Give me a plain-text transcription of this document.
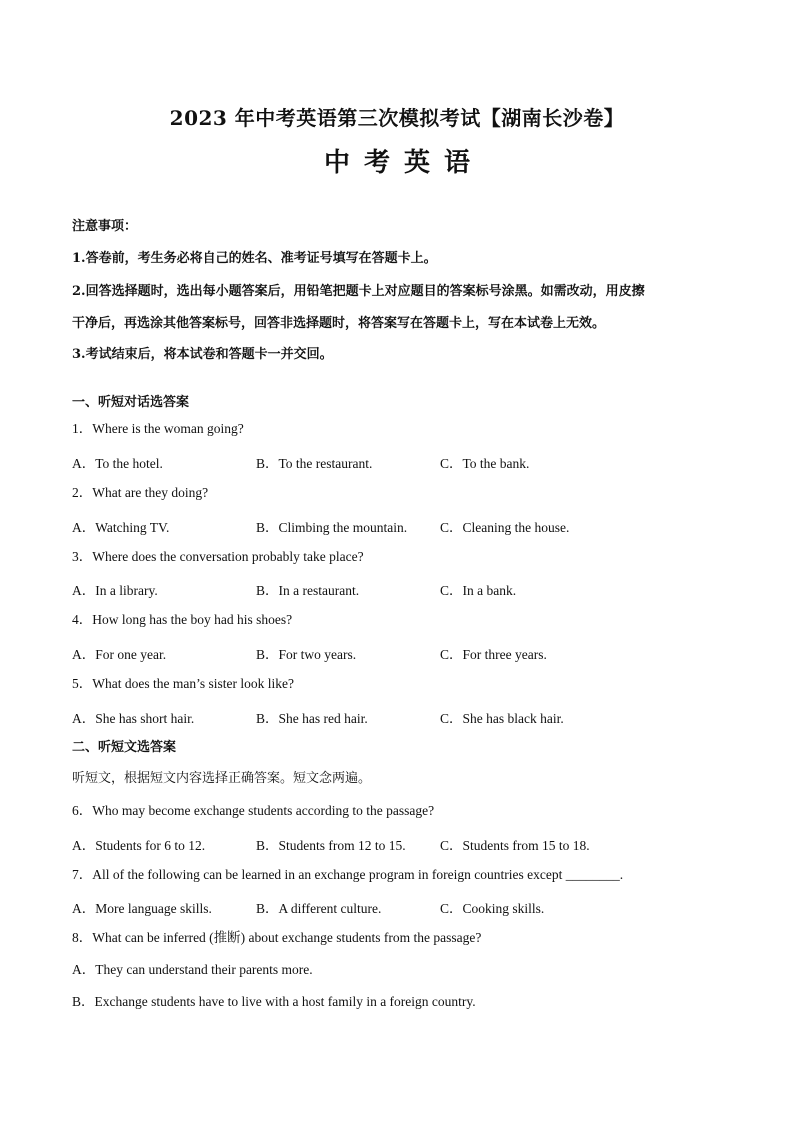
2023 年中考英语第三次模拟考试【湖南长沙卷】
中考英语
注意事项：
1.答卷前，考生务必将自己的姓名、准考证号填写在答题卡上。
2.回答选择题时，选出每小题答案后，用铅笔把题卡上对应题目的答案标号涂黑。如需改动，用皮擦
干净后，再选涂其他答案标号，回答非选择题时，将答案写在答题卡上，写在本试卷上无效。
3.考试结束后，将本试卷和答题卡一并交回。
一、听短对话选答案
1．Where is the woman going?
A．To the hotel.	B．To the restaurant.	C．To the bank.
2．What are they doing?
A．Watching TV.	B．Climbing the mountain. C．Cleaning the house.
3．Where does the conversation probably take place?
A．In a library.	B．In a restaurant.	C．In a bank.
4．How long has the boy had his shoes?
A．For one year.	B．For two years.	C．For three years.
5．What does the man’s sister look like?
A．She has short hair.	B．She has red hair.	C．She has black hair.
二、听短文选答案
听短文，根据短文内容选择正确答案。短文念两遍。
6．Who may become exchange students according to the passage?
A．Students for 6 to 12.	B．Students from 12 to 15.	C．Students from 15 to 18.
7．All of the following can be learned in an exchange program in foreign countries except ________.
A．More language skills.	B．A different culture.	C．Cooking skills.
8．What can be inferred (推断) about exchange students from the passage?
A．They can understand their parents more.
B．Exchange students have to live with a host family in a foreign country.
